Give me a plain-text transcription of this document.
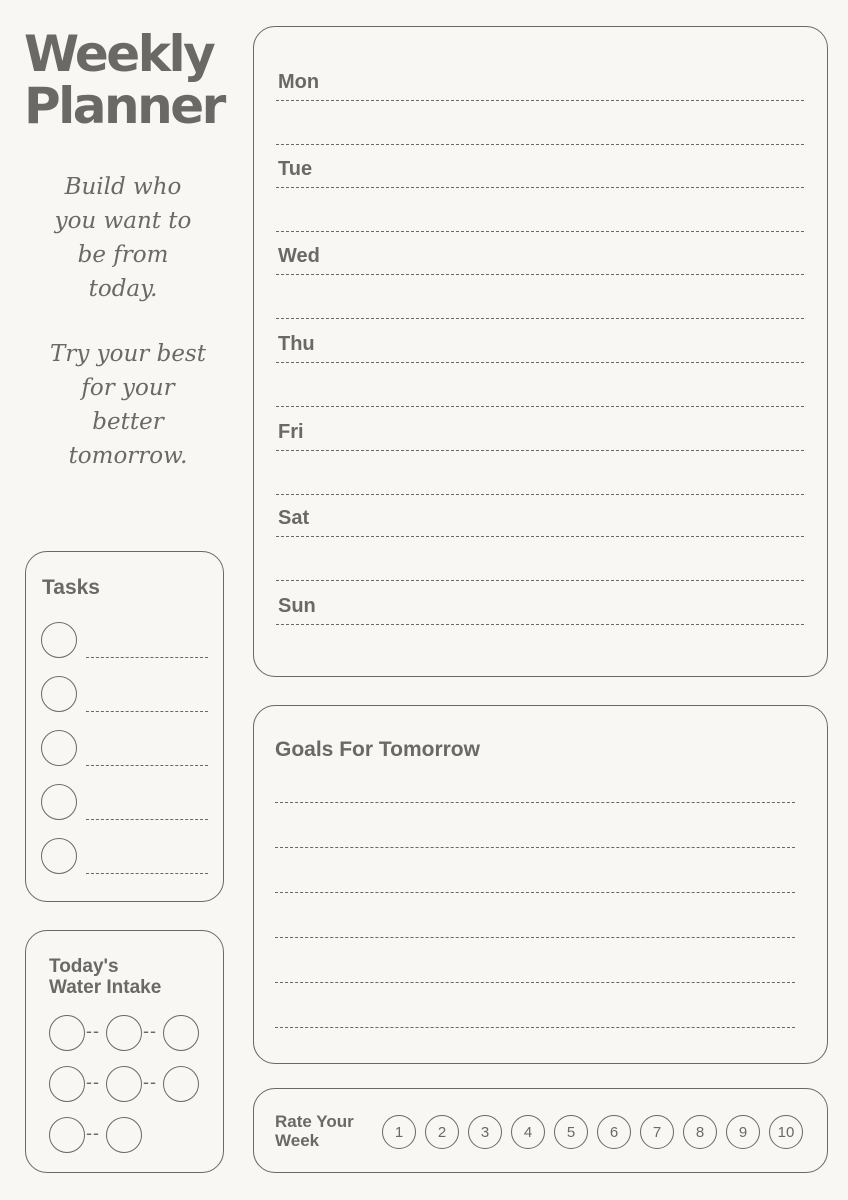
Weekly
Planner
Build who
you want to
be from
today.
Try your best
for your
better
tomorrow.
Mon
Tue
Wed
Thu
Fri
Sat
Sun
Tasks
Today's
Water Intake
-- --
-- --
--
Goals For Tomorrow
Rate Your
Week	1	2	3	4	5	6	7	8	9	10
